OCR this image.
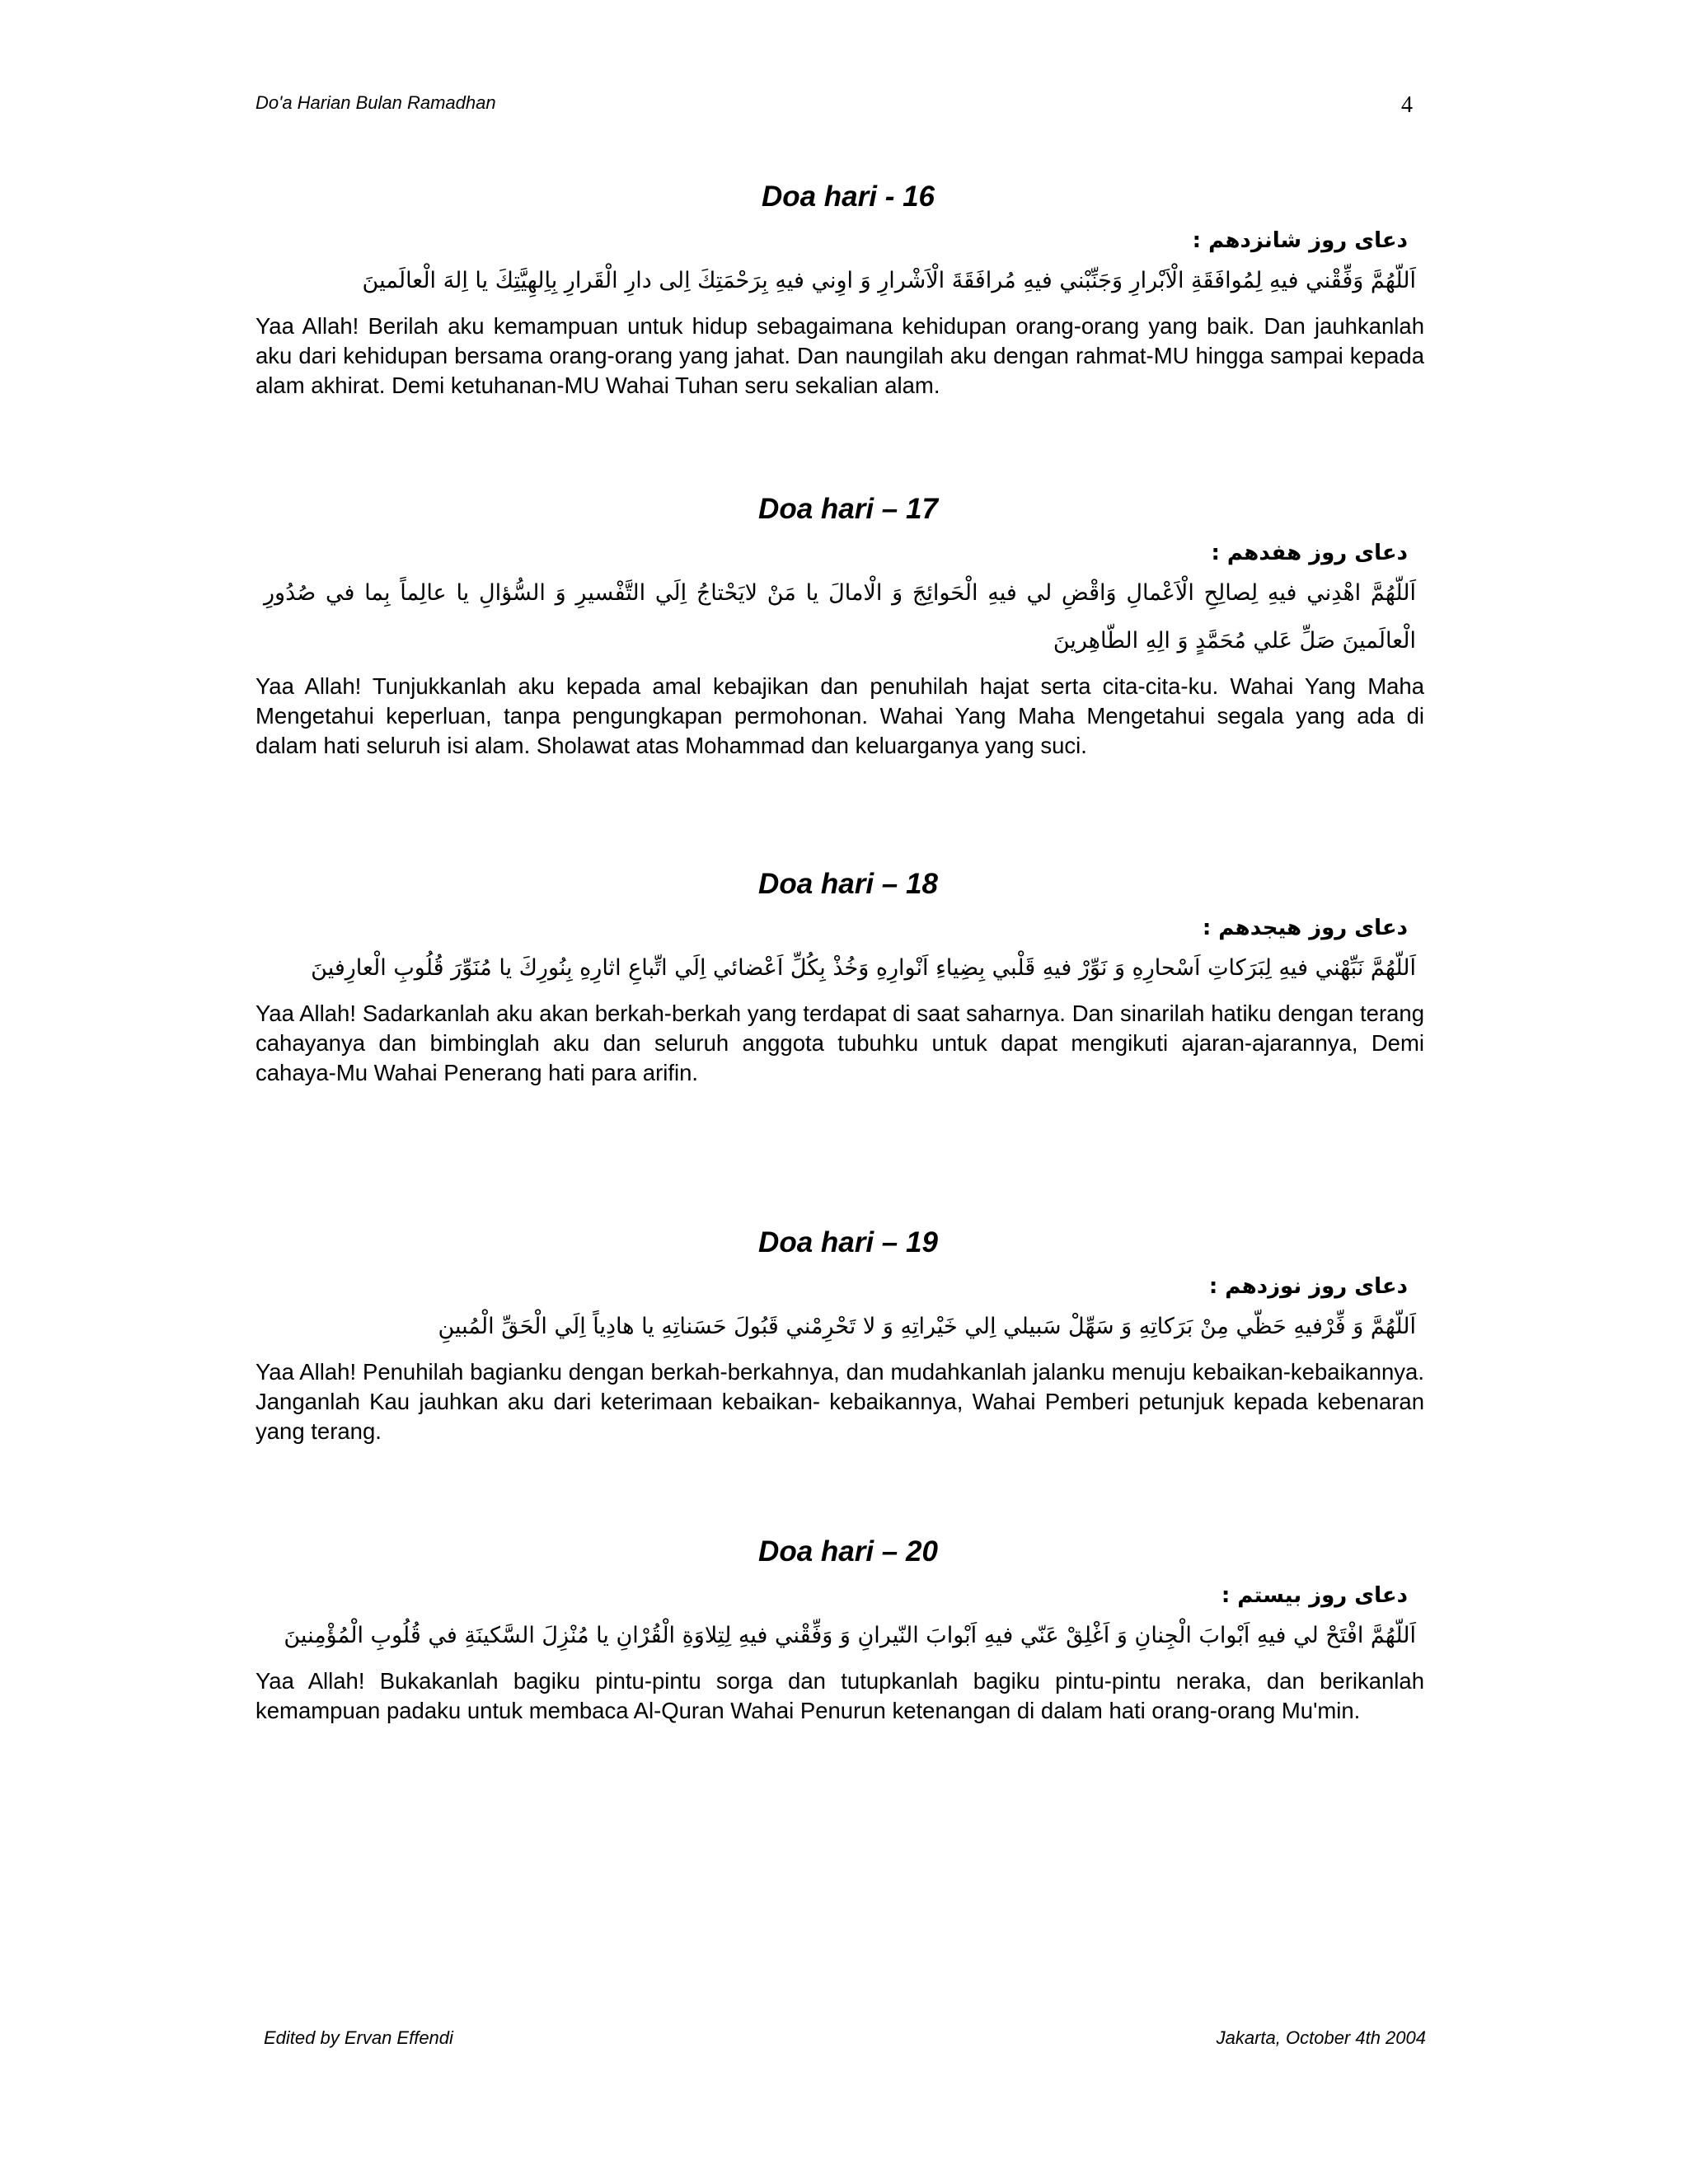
Do'a Harian Bulan Ramadhan	4
Doa hari - 16
دعای روز شانزدهم :
اَللّهُمَّ وَفِّقْني فيهِ لِمُوافَقَةِ الْاَبْرارِ وَجَنِّبْني فيهِ مُرافَقَةَ الْاَشْرارِ وَ اوِني فيهِ بِرَحْمَتِكَ اِلى دارِ الْقَرارِ بِاِلهِيَّتِكَ يا اِلهَ الْعالَمينَ
Yaa Allah! Berilah aku kemampuan untuk hidup sebagaimana kehidupan orang-orang yang baik. Dan jauhkanlah aku dari kehidupan bersama orang-orang yang jahat. Dan naungilah aku dengan rahmat-MU hingga sampai kepada alam akhirat. Demi ketuhanan-MU Wahai Tuhan seru sekalian alam.
Doa hari – 17
دعای روز هفدهم :
اَللّهُمَّ اهْدِني فيهِ لِصالِحِ الْاَعْمالِ وَاقْضِ لي فيهِ الْحَوائِجَ وَ الْامالَ يا مَنْ لايَحْتاجُ اِلَي التَّفْسيرِ وَ السُّؤالِ يا عالِماً بِما في صُدُورِ الْعالَمينَ صَلِّ عَلي مُحَمَّدٍ وَ الِهِ الطّاهِرينَ
Yaa Allah! Tunjukkanlah aku kepada amal kebajikan dan penuhilah hajat serta cita-cita-ku. Wahai Yang Maha Mengetahui keperluan, tanpa pengungkapan permohonan. Wahai Yang Maha Mengetahui segala yang ada di dalam hati seluruh isi alam. Sholawat atas Mohammad dan keluarganya yang suci.
Doa hari – 18
دعای روز هیجدهم :
اَللّهُمَّ نَبِّهْني فيهِ لِبَرَكاتِ اَسْحارِهِ وَ نَوِّرْ فيهِ قَلْبي بِضِياءِ اَنْوارِهِ وَخُذْ بِكُلِّ اَعْضائي اِلَي اتِّباعِ اثارِهِ بِنُورِكَ يا مُنَوِّرَ قُلُوبِ الْعارِفينَ
Yaa Allah! Sadarkanlah aku akan berkah-berkah yang terdapat di saat saharnya. Dan sinarilah hatiku dengan terang cahayanya dan bimbinglah aku dan seluruh anggota tubuhku untuk dapat mengikuti ajaran-ajarannya, Demi cahaya-Mu Wahai Penerang hati para arifin.
Doa hari – 19
دعای روز نوزدهم :
اَللّهُمَّ وَ فِّرْفيهِ حَظّي مِنْ بَرَكاتِهِ وَ سَهِّلْ سَبيلي اِلي خَيْراتِهِ وَ لا تَحْرِمْني قَبُولَ حَسَناتِهِ يا هادِياً اِلَي الْحَقِّ الْمُبينِ
Yaa Allah! Penuhilah bagianku dengan berkah-berkahnya, dan mudahkanlah jalanku menuju kebaikan-kebaikannya. Janganlah Kau jauhkan aku dari keterimaan kebaikan- kebaikannya, Wahai Pemberi petunjuk kepada kebenaran yang terang.
Doa hari – 20
دعای روز بیستم :
اَللّهُمَّ افْتَحْ لي فيهِ اَبْوابَ الْجِنانِ وَ اَغْلِقْ عَنّي فيهِ اَبْوابَ النّيرانِ وَ وَفِّقْني فيهِ لِتِلاوَةِ الْقُرْانِ يا مُنْزِلَ السَّكينَةِ في قُلُوبِ الْمُؤْمِنينَ
Yaa Allah! Bukakanlah bagiku pintu-pintu sorga dan tutupkanlah bagiku pintu-pintu neraka, dan berikanlah kemampuan padaku untuk membaca Al-Quran Wahai Penurun ketenangan di dalam hati orang-orang Mu'min.
Edited by Ervan Effendi	Jakarta, October 4th 2004
